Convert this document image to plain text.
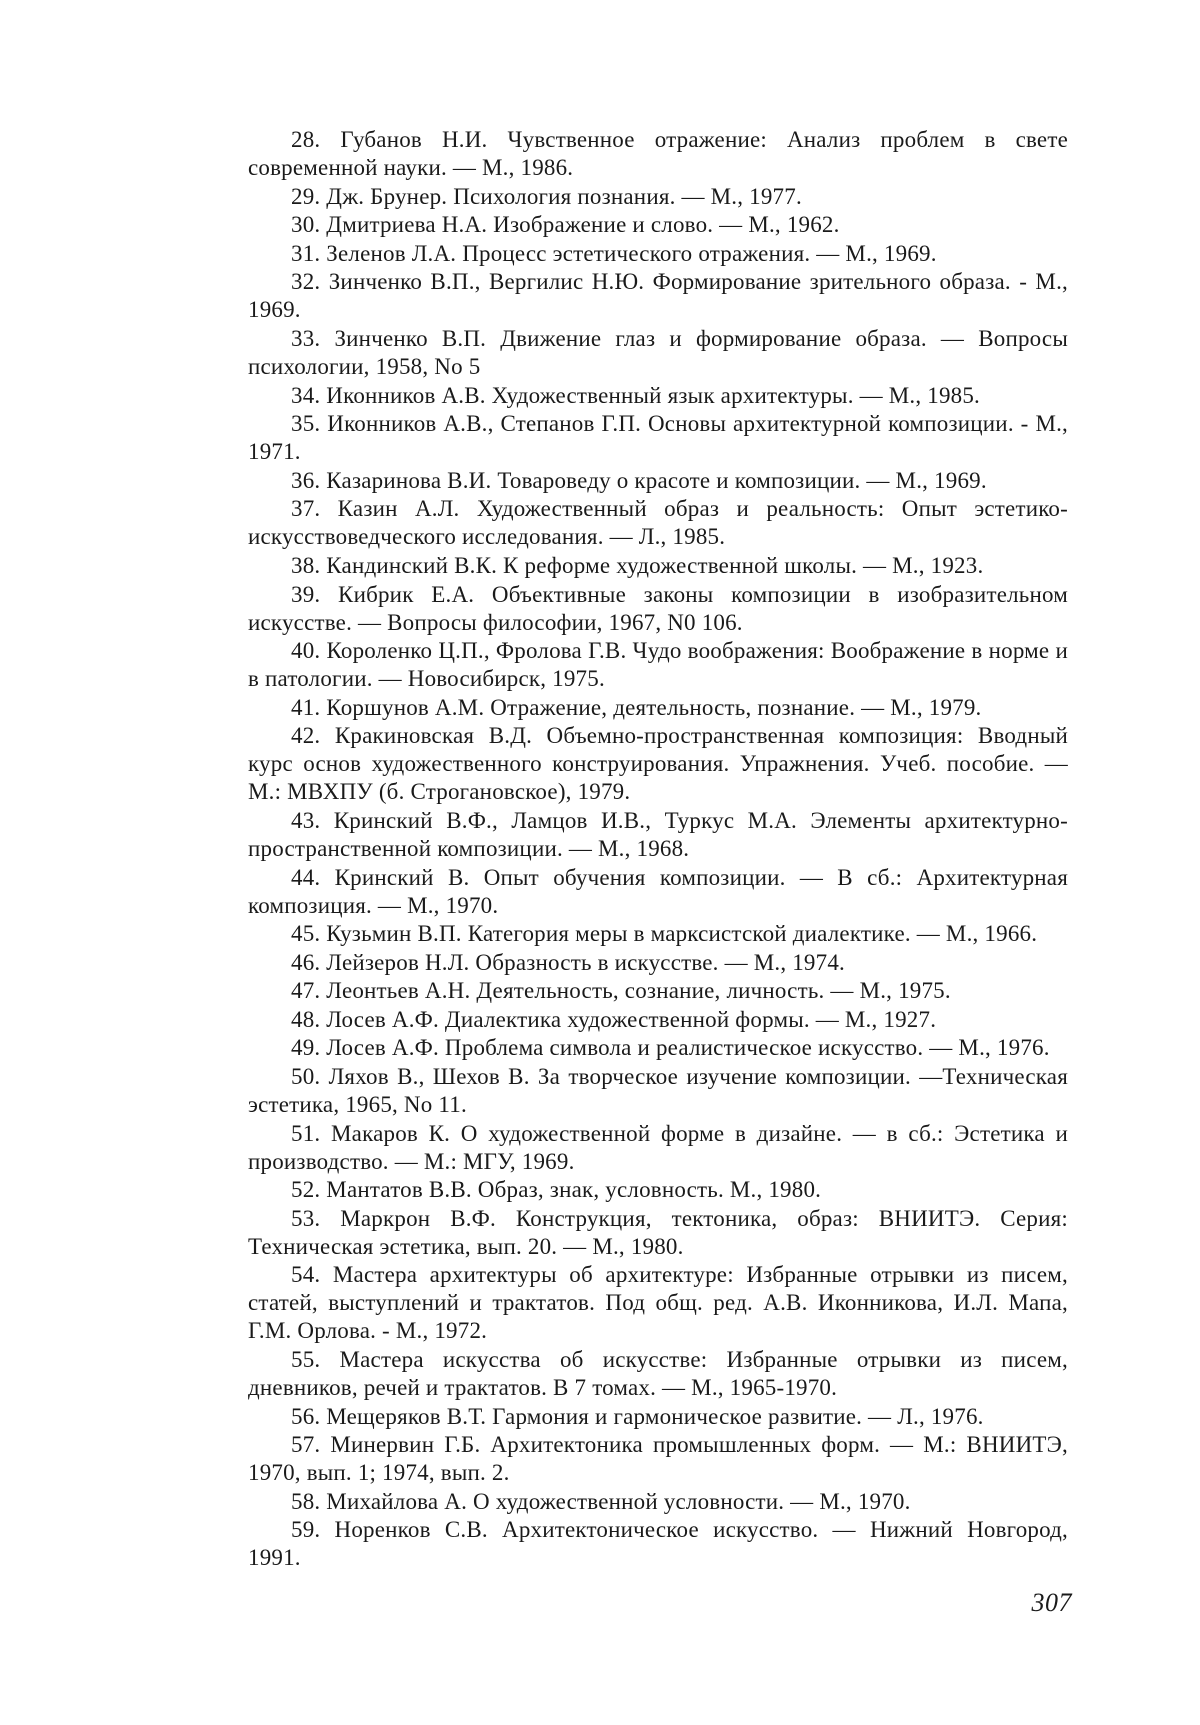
28. Губанов Н.И. Чувственное отражение: Анализ проблем в свете современной науки. — М., 1986.

29. Дж. Брунер. Психология познания. — М., 1977.

30. Дмитриева Н.А. Изображение и слово. — М., 1962.

31. Зеленов Л.А. Процесс эстетического отражения. — М., 1969.

32. Зинченко В.П., Вергилис Н.Ю. Формирование зрительного образа. - М., 1969.

33. Зинченко В.П. Движение глаз и формирование образа. — Вопросы психологии, 1958, No 5

34. Иконников А.В. Художественный язык архитектуры. — М., 1985.

35. Иконников А.В., Степанов Г.П. Основы архитектурной композиции. - М., 1971.

36. Казаринова В.И. Товароведу о красоте и композиции. — М., 1969.

37. Казин А.Л. Художественный образ и реальность: Опыт эстетико-искусствоведческого исследования. — Л., 1985.

38. Кандинский В.К. К реформе художественной школы. — М., 1923.

39. Кибрик Е.А. Объективные законы композиции в изобразительном искусстве. — Вопросы философии, 1967, N0 106.

40. Короленко Ц.П., Фролова Г.В. Чудо воображения: Воображение в норме и в патологии. — Новосибирск, 1975.

41. Коршунов А.М. Отражение, деятельность, познание. — М., 1979.

42. Кракиновская В.Д. Объемно-пространственная композиция: Вводный курс основ художественного конструирования. Упражнения. Учеб. пособие. — М.: МВХПУ (б. Строгановское), 1979.

43. Кринский В.Ф., Ламцов И.В., Туркус М.А. Элементы архитектурно-пространственной композиции. — М., 1968.

44. Кринский В. Опыт обучения композиции. — В сб.: Архитектурная композиция. — М., 1970.

45. Кузьмин В.П. Категория меры в марксистской диалектике. — М., 1966.

46. Лейзеров Н.Л. Образность в искусстве. — М., 1974.

47. Леонтьев А.Н. Деятельность, сознание, личность. — М., 1975.

48. Лосев А.Ф. Диалектика художественной формы. — М., 1927.

49. Лосев А.Ф. Проблема символа и реалистическое искусство. — М., 1976.

50. Ляхов В., Шехов В. За творческое изучение композиции. —Техническая эстетика, 1965, No 11.

51. Макаров К. О художественной форме в дизайне. — в сб.: Эстетика и производство. — М.: МГУ, 1969.

52. Мантатов В.В. Образ, знак, условность. М., 1980.

53. Маркрон В.Ф. Конструкция, тектоника, образ: ВНИИТЭ. Серия: Техническая эстетика, вып. 20. — М., 1980.

54. Мастера архитектуры об архитектуре: Избранные отрывки из писем, статей, выступлений и трактатов. Под общ. ред. А.В. Иконникова, И.Л. Мапа, Г.М. Орлова. - М., 1972.

55. Мастера искусства об искусстве: Избранные отрывки из писем, дневников, речей и трактатов. В 7 томах. — М., 1965-1970.

56. Мещеряков В.Т. Гармония и гармоническое развитие. — Л., 1976.

57. Минервин Г.Б. Архитектоника промышленных форм. — М.: ВНИИТЭ, 1970, вып. 1; 1974, вып. 2.

58. Михайлова А. О художественной условности. — М., 1970.

59. Норенков С.В. Архитектоническое искусство. — Нижний Новгород, 1991.

307
